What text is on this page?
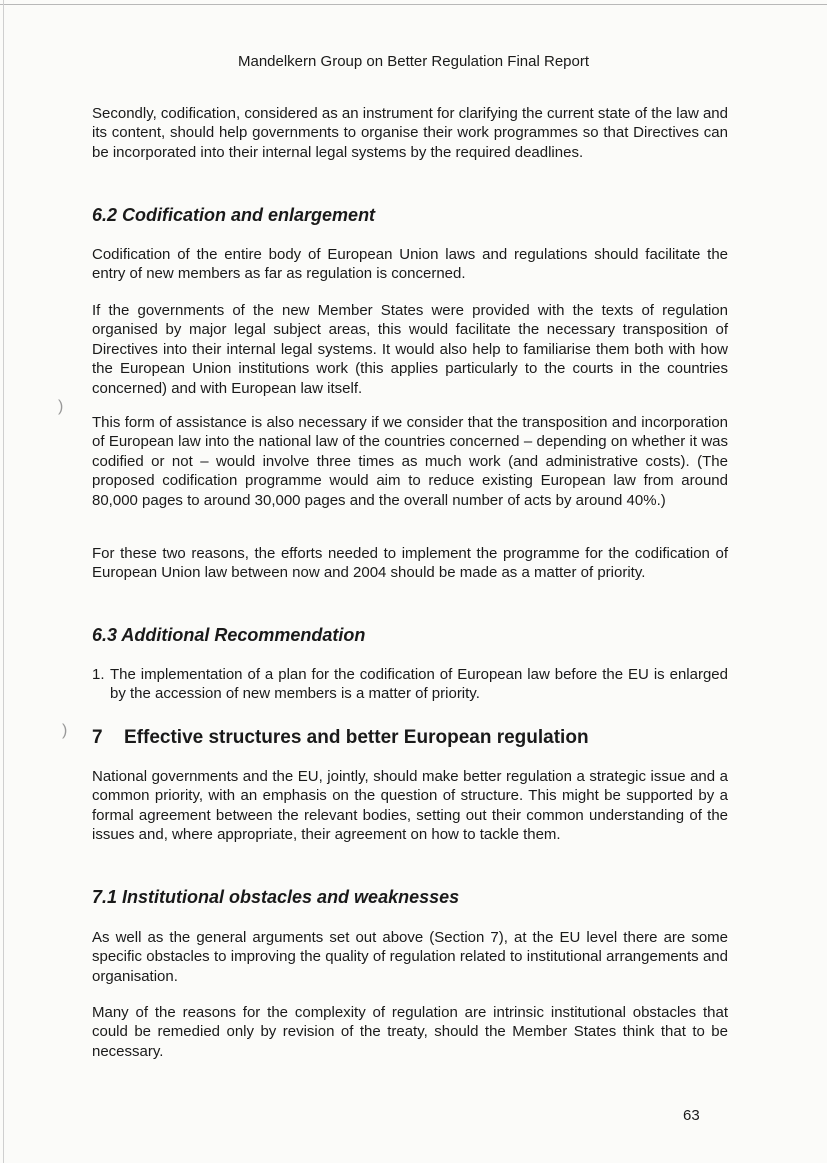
)
)
Mandelkern Group on Better Regulation Final Report

Secondly, codification, considered as an instrument for clarifying the current state of the law and its content, should help governments to organise their work programmes so that Directives can be incorporated into their internal legal systems by the required deadlines.

6.2 Codification and enlargement

Codification of the entire body of European Union laws and regulations should facilitate the entry of new members as far as regulation is concerned.

If the governments of the new Member States were provided with the texts of regulation organised by major legal subject areas, this would facilitate the necessary transposition of Directives into their internal legal systems. It would also help to familiarise them both with how the European Union institutions work (this applies particularly to the courts in the countries concerned) and with European law itself.

This form of assistance is also necessary if we consider that the transposition and incorporation of European law into the national law of the countries concerned – depending on whether it was codified or not – would involve three times as much work (and administrative costs). (The proposed codification programme would aim to reduce existing European law from around 80,000 pages to around 30,000 pages and the overall number of acts by around 40%.)

For these two reasons, the efforts needed to implement the programme for the codification of European Union law between now and 2004 should be made as a matter of priority.

6.3 Additional Recommendation
1. The implementation of a plan for the codification of European law before the EU is enlarged by the accession of new members is a matter of priority.
7 Effective structures and better European regulation

National governments and the EU, jointly, should make better regulation a strategic issue and a common priority, with an emphasis on the question of structure. This might be supported by a formal agreement between the relevant bodies, setting out their common understanding of the issues and, where appropriate, their agreement on how to tackle them.

7.1 Institutional obstacles and weaknesses

As well as the general arguments set out above (Section 7), at the EU level there are some specific obstacles to improving the quality of regulation related to institutional arrangements and organisation.

Many of the reasons for the complexity of regulation are intrinsic institutional obstacles that could be remedied only by revision of the treaty, should the Member States think that to be necessary.

63
